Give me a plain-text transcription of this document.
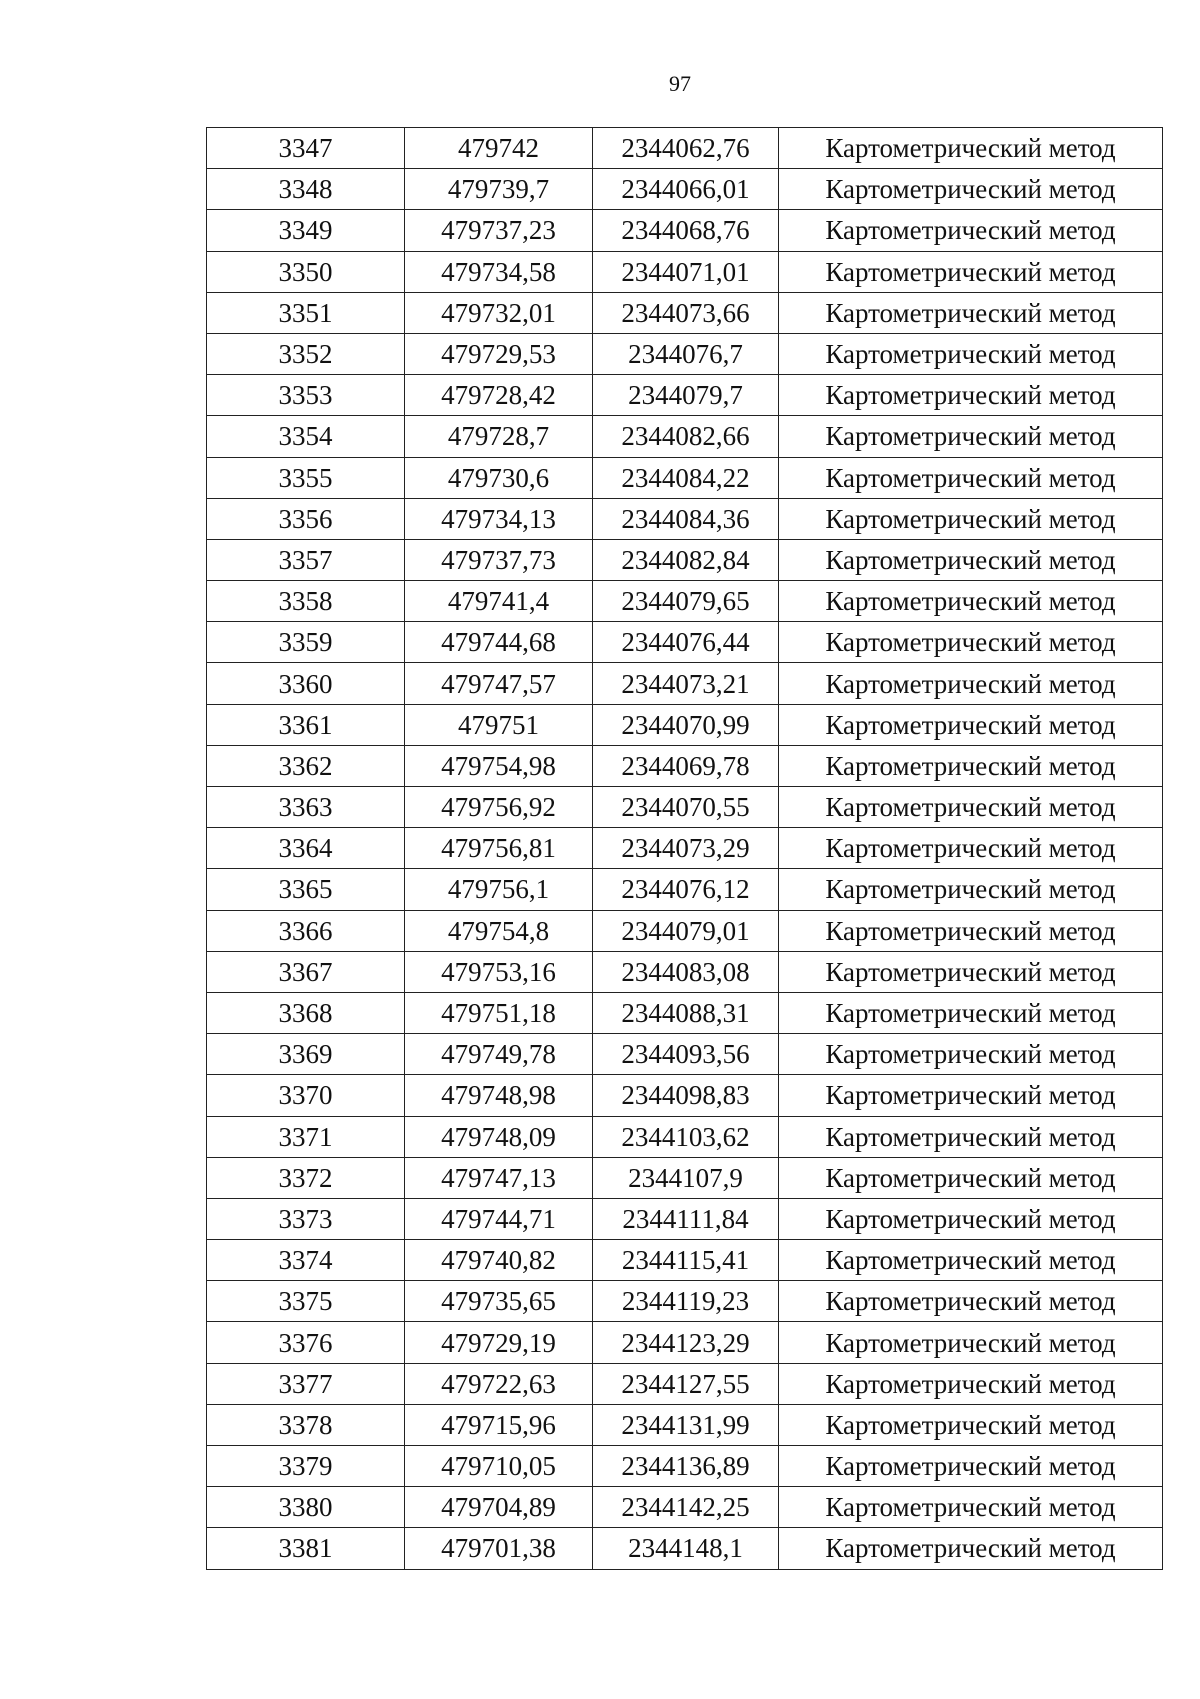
97
3347	479742	2344062,76	Картометрический метод
3348	479739,7	2344066,01	Картометрический метод
3349	479737,23	2344068,76	Картометрический метод
3350	479734,58	2344071,01	Картометрический метод
3351	479732,01	2344073,66	Картометрический метод
3352	479729,53	2344076,7	Картометрический метод
3353	479728,42	2344079,7	Картометрический метод
3354	479728,7	2344082,66	Картометрический метод
3355	479730,6	2344084,22	Картометрический метод
3356	479734,13	2344084,36	Картометрический метод
3357	479737,73	2344082,84	Картометрический метод
3358	479741,4	2344079,65	Картометрический метод
3359	479744,68	2344076,44	Картометрический метод
3360	479747,57	2344073,21	Картометрический метод
3361	479751	2344070,99	Картометрический метод
3362	479754,98	2344069,78	Картометрический метод
3363	479756,92	2344070,55	Картометрический метод
3364	479756,81	2344073,29	Картометрический метод
3365	479756,1	2344076,12	Картометрический метод
3366	479754,8	2344079,01	Картометрический метод
3367	479753,16	2344083,08	Картометрический метод
3368	479751,18	2344088,31	Картометрический метод
3369	479749,78	2344093,56	Картометрический метод
3370	479748,98	2344098,83	Картометрический метод
3371	479748,09	2344103,62	Картометрический метод
3372	479747,13	2344107,9	Картометрический метод
3373	479744,71	2344111,84	Картометрический метод
3374	479740,82	2344115,41	Картометрический метод
3375	479735,65	2344119,23	Картометрический метод
3376	479729,19	2344123,29	Картометрический метод
3377	479722,63	2344127,55	Картометрический метод
3378	479715,96	2344131,99	Картометрический метод
3379	479710,05	2344136,89	Картометрический метод
3380	479704,89	2344142,25	Картометрический метод
3381	479701,38	2344148,1	Картометрический метод
